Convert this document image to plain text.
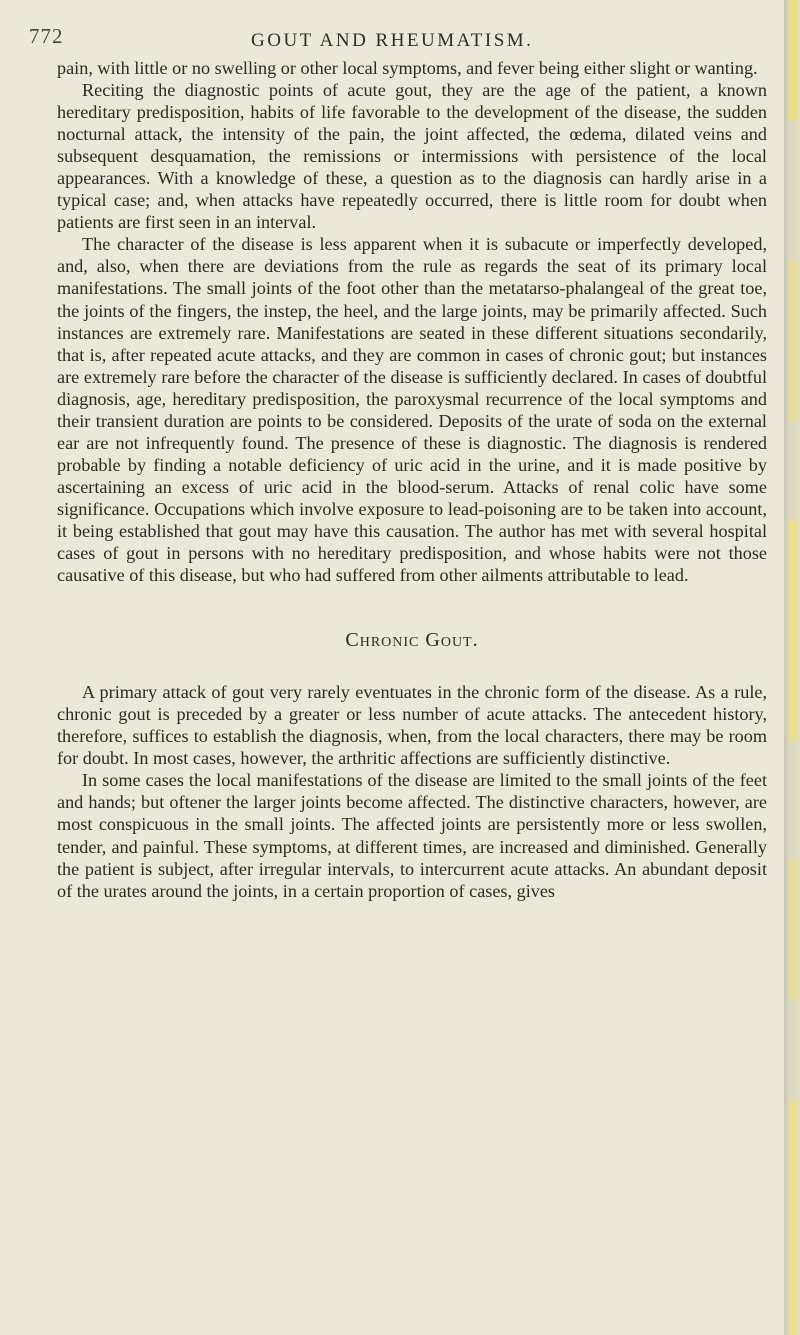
772	GOUT AND RHEUMATISM.

pain, with little or no swelling or other local symptoms, and fever being either slight or wanting.

Reciting the diagnostic points of acute gout, they are the age of the patient, a known hereditary predisposition, habits of life favorable to the development of the disease, the sudden nocturnal attack, the intensity of the pain, the joint affected, the œdema, dilated veins and subsequent desquamation, the remissions or intermissions with persistence of the local appearances. With a knowledge of these, a question as to the diagnosis can hardly arise in a typical case; and, when attacks have repeatedly occurred, there is little room for doubt when patients are first seen in an interval.

The character of the disease is less apparent when it is subacute or imperfectly developed, and, also, when there are deviations from the rule as regards the seat of its primary local manifestations. The small joints of the foot other than the metatarso-phalangeal of the great toe, the joints of the fingers, the instep, the heel, and the large joints, may be primarily affected. Such instances are extremely rare. Manifestations are seated in these different situations secondarily, that is, after repeated acute attacks, and they are common in cases of chronic gout; but instances are extremely rare before the character of the disease is sufficiently declared. In cases of doubtful diagnosis, age, hereditary predisposition, the paroxysmal recurrence of the local symptoms and their transient duration are points to be considered. Deposits of the urate of soda on the external ear are not infrequently found. The presence of these is diagnostic. The diagnosis is rendered probable by finding a notable deficiency of uric acid in the urine, and it is made positive by ascertaining an excess of uric acid in the blood-serum. Attacks of renal colic have some significance. Occupations which involve exposure to lead-poisoning are to be taken into account, it being established that gout may have this causation. The author has met with several hospital cases of gout in persons with no hereditary predisposition, and whose habits were not those causative of this disease, but who had suffered from other ailments attributable to lead.

Chronic Gout.

A primary attack of gout very rarely eventuates in the chronic form of the disease. As a rule, chronic gout is preceded by a greater or less number of acute attacks. The antecedent history, therefore, suffices to establish the diagnosis, when, from the local characters, there may be room for doubt. In most cases, however, the arthritic affections are sufficiently distinctive.

In some cases the local manifestations of the disease are limited to the small joints of the feet and hands; but oftener the larger joints become affected. The distinctive characters, however, are most conspicuous in the small joints. The affected joints are persistently more or less swollen, tender, and painful. These symptoms, at different times, are increased and diminished. Generally the patient is subject, after irregular intervals, to intercurrent acute attacks. An abundant deposit of the urates around the joints, in a certain proportion of cases, gives
